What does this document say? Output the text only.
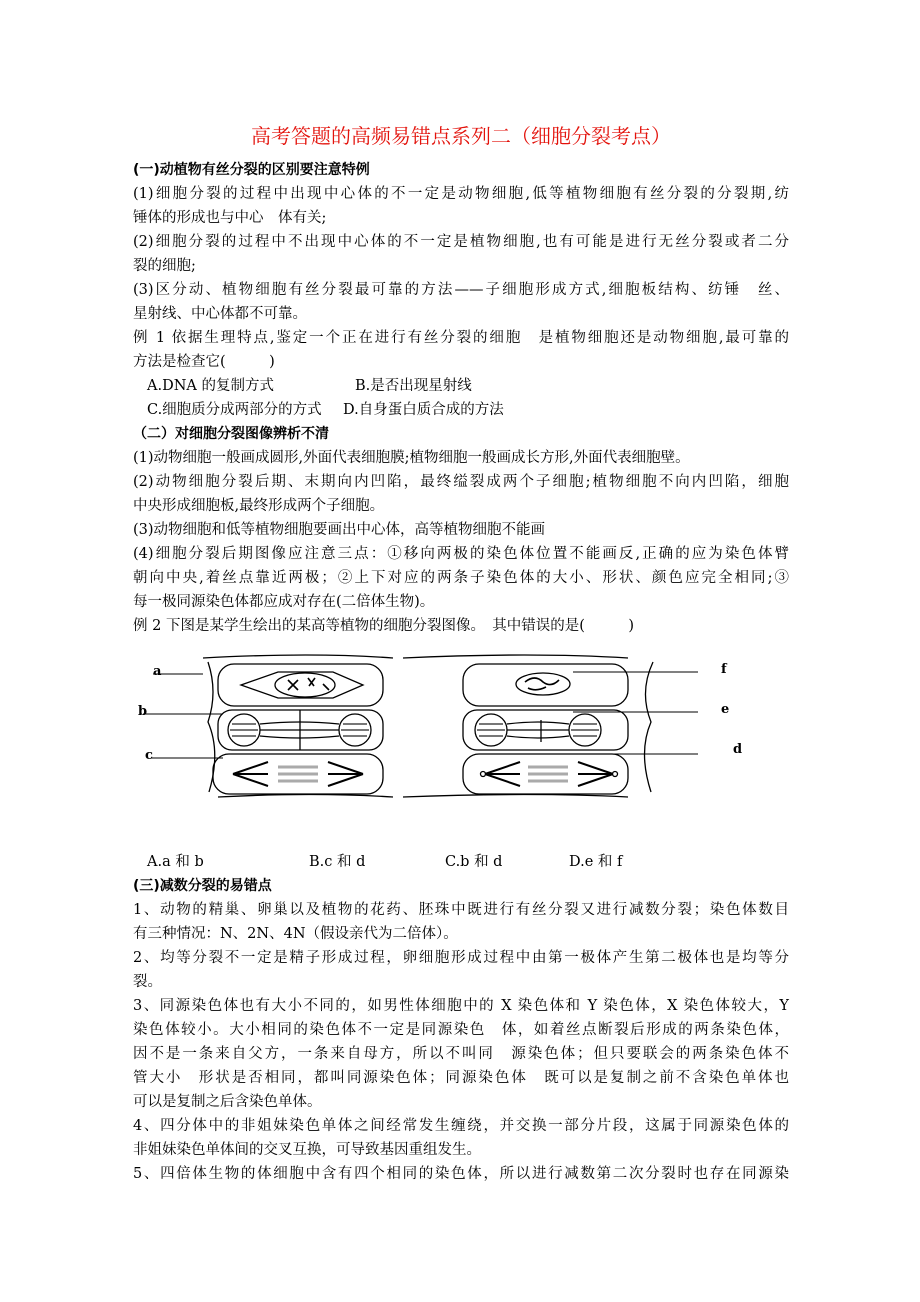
高考答题的高频易错点系列二（细胞分裂考点）
(一)动植物有丝分裂的区别要注意特例
(1)细胞分裂的过程中出现中心体的不一定是动物细胞,低等植物细胞有丝分裂的分裂期,纺
锤体的形成也与中心　体有关;
(2)细胞分裂的过程中不出现中心体的不一定是植物细胞,也有可能是进行无丝分裂或者二分
裂的细胞;
(3)区分动、植物细胞有丝分裂最可靠的方法——子细胞形成方式,细胞板结构、纺锤　丝、
星射线、中心体都不可靠。
例 1 依据生理特点,鉴定一个正在进行有丝分裂的细胞　是植物细胞还是动物细胞,最可靠的
方法是检查它(　　　)
A.DNA 的复制方式	B.是否出现星射线
C.细胞质分成两部分的方式	D.自身蛋白质合成的方法
（二）对细胞分裂图像辨析不清
(1)动物细胞一般画成圆形,外面代表细胞膜;植物细胞一般画成长方形,外面代表细胞壁。
(2)动物细胞分裂后期、末期向内凹陷，最终缢裂成两个子细胞;植物细胞不向内凹陷，细胞
中央形成细胞板,最终形成两个子细胞。
(3)动物细胞和低等植物细胞要画出中心体，高等植物细胞不能画
(4)细胞分裂后期图像应注意三点：①移向两极的染色体位置不能画反,正确的应为染色体臂
朝向中央,着丝点靠近两极；②上下对应的两条子染色体的大小、形状、颜色应完全相同;③
每一极同源染色体都应成对存在(二倍体生物)。
例 2 下图是某学生绘出的某高等植物的细胞分裂图像。　其中错误的是(　　　)
a
b
c
f
e
d
A.a 和 b	B.c 和 d	C.b 和 d	D.e 和 f
(三)减数分裂的易错点
1、动物的精巢、卵巢以及植物的花药、胚珠中既进行有丝分裂又进行减数分裂；染色体数目
有三种情况：N、2N、4N（假设亲代为二倍体）。
2、均等分裂不一定是精子形成过程，卵细胞形成过程中由第一极体产生第二极体也是均等分
裂。
3、同源染色体也有大小不同的，如男性体细胞中的 X 染色体和 Y 染色体，X 染色体较大，Y
染色体较小。大小相同的染色体不一定是同源染色　体，如着丝点断裂后形成的两条染色体，
因不是一条来自父方，一条来自母方，所以不叫同　源染色体；但只要联会的两条染色体不
管大小　形状是否相同，都叫同源染色体；同源染色体　既可以是复制之前不含染色单体也
可以是复制之后含染色单体。
4、四分体中的非姐妹染色单体之间经常发生缠绕，并交换一部分片段，这属于同源染色体的
非姐妹染色单体间的交叉互换，可导致基因重组发生。
5、四倍体生物的体细胞中含有四个相同的染色体，所以进行减数第二次分裂时也存在同源染
